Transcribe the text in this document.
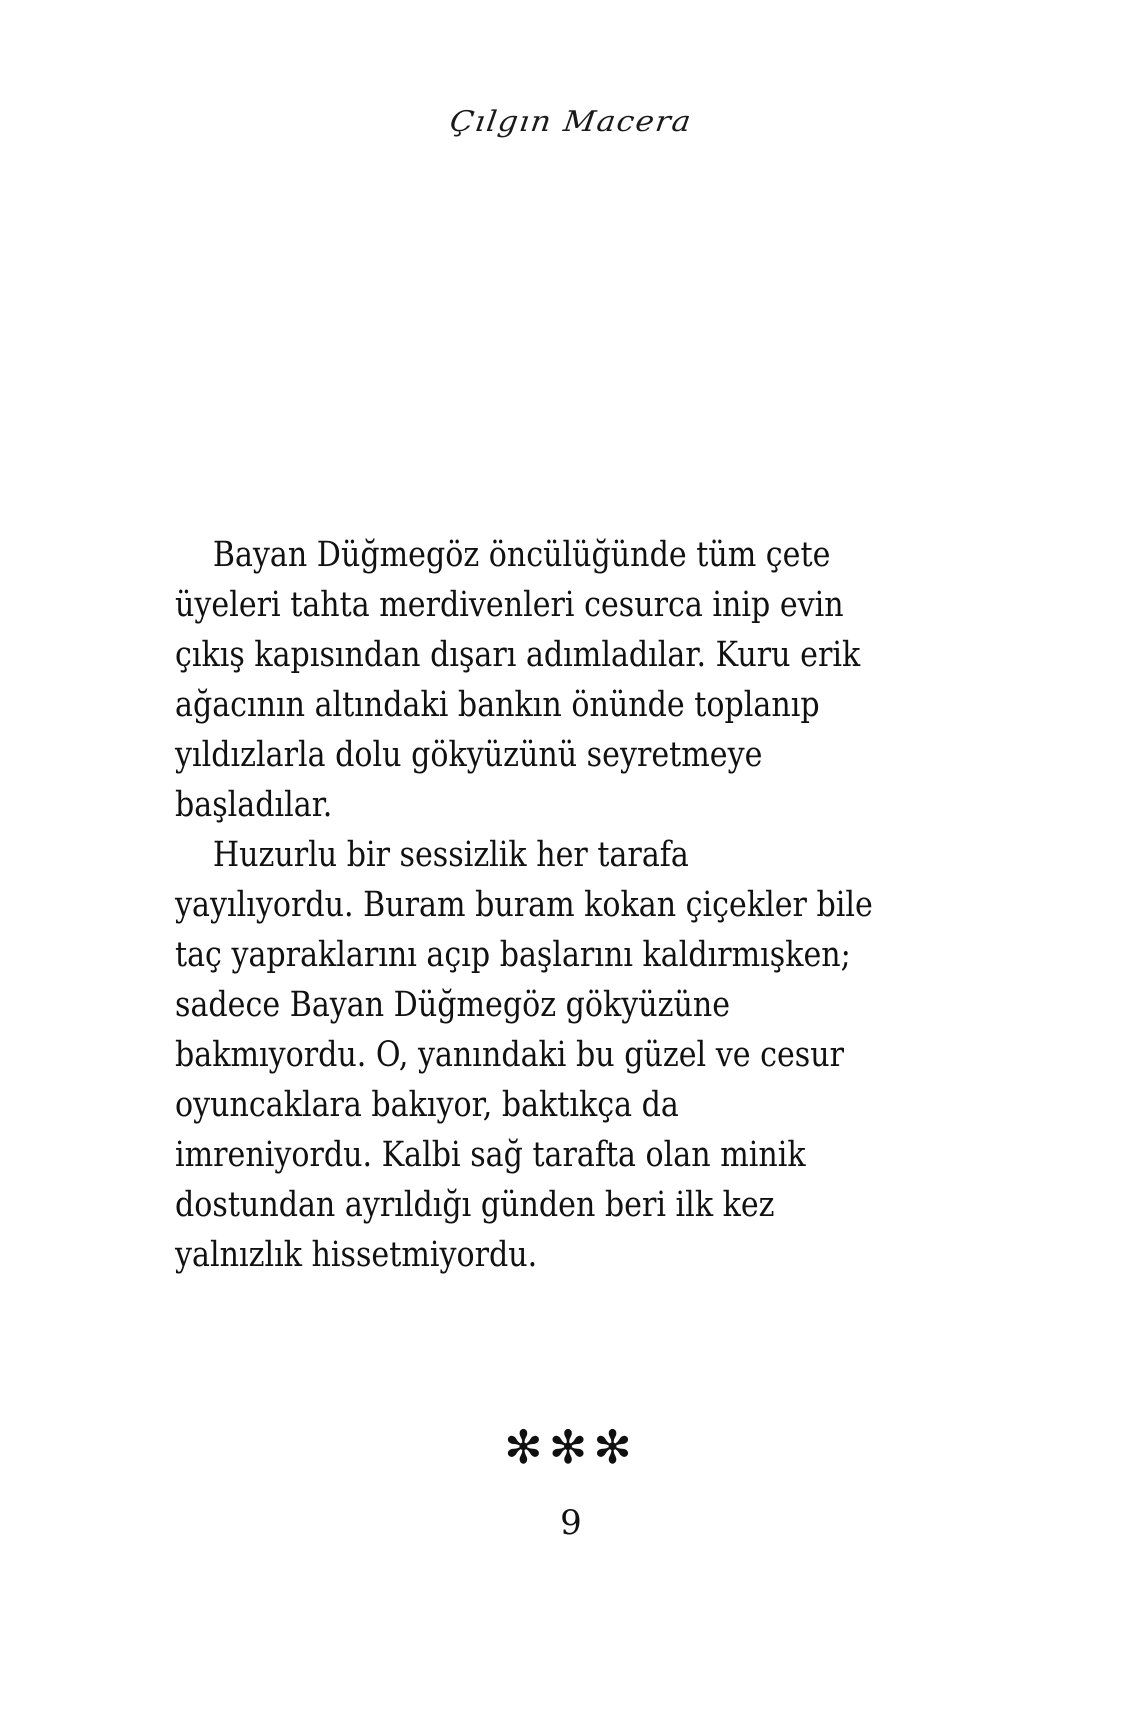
Çılgın Macera

Bayan Düğmegöz öncülüğünde tüm çete üyeleri tahta merdivenleri cesurca inip evin çıkış kapısından dışarı adımladılar. Kuru erik ağacının altındaki bankın önünde toplanıp yıldızlarla dolu gökyüzünü seyretmeye başladılar.

Huzurlu bir sessizlik her tarafa yayılıyordu. Buram buram kokan çiçekler bile taç yapraklarını açıp başlarını kaldırmışken; sadece Bayan Düğmegöz gökyüzüne bakmıyordu. O, yanındaki bu güzel ve cesur oyuncaklara bakıyor, baktıkça da imreniyordu. Kalbi sağ tarafta olan minik dostundan ayrıldığı günden beri ilk kez yalnızlık hissetmiyordu.

✻✻✻
9
